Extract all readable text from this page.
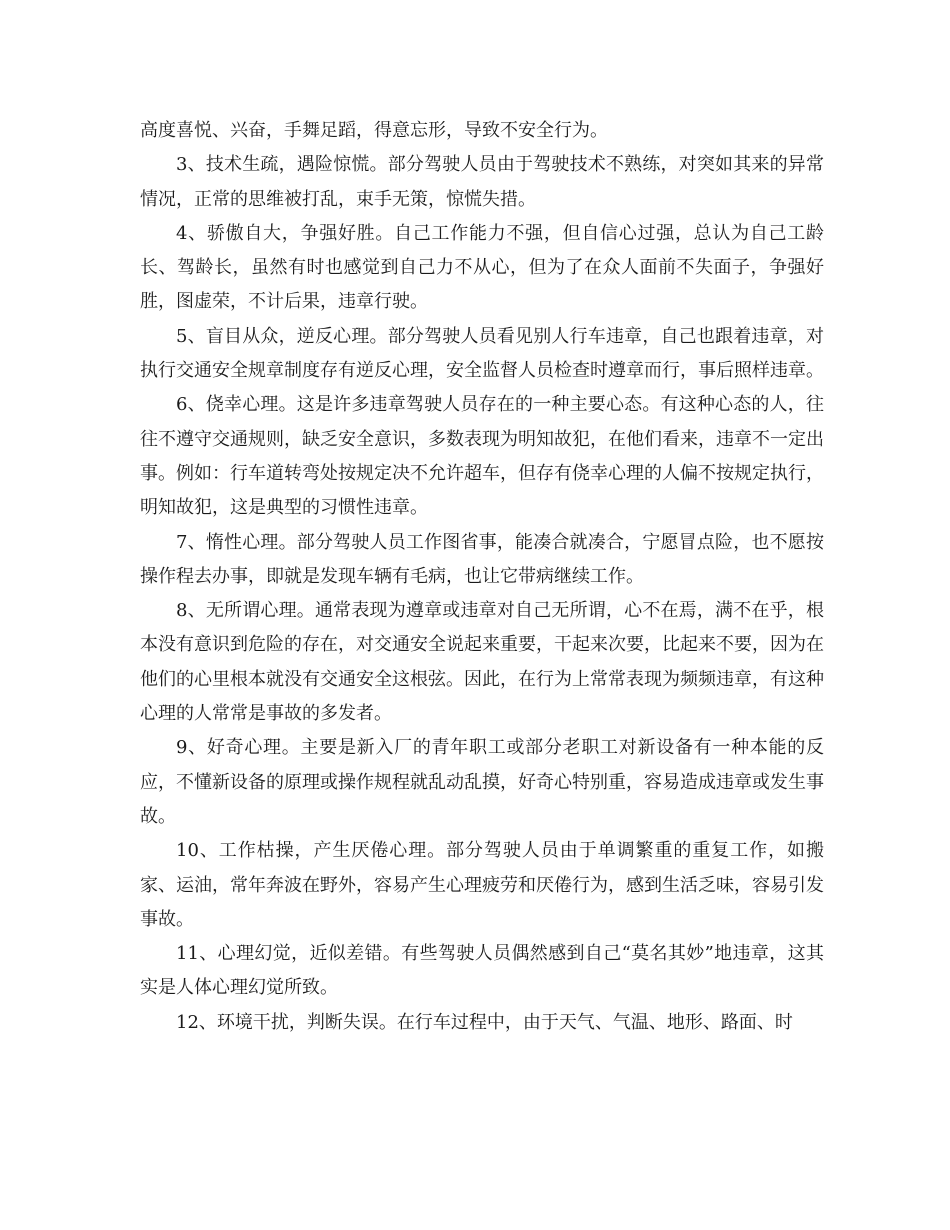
高度喜悦、兴奋，手舞足蹈，得意忘形，导致不安全行为。

3、技术生疏，遇险惊慌。部分驾驶人员由于驾驶技术不熟练，对突如其来的异常情况，正常的思维被打乱，束手无策，惊慌失措。

4、骄傲自大，争强好胜。自己工作能力不强，但自信心过强，总认为自己工龄长、驾龄长，虽然有时也感觉到自己力不从心，但为了在众人面前不失面子，争强好胜，图虚荣，不计后果，违章行驶。

5、盲目从众，逆反心理。部分驾驶人员看见别人行车违章，自己也跟着违章，对执行交通安全规章制度存有逆反心理，安全监督人员检查时遵章而行，事后照样违章。

6、侥幸心理。这是许多违章驾驶人员存在的一种主要心态。有这种心态的人，往往不遵守交通规则，缺乏安全意识，多数表现为明知故犯，在他们看来，违章不一定出事。例如：行车道转弯处按规定决不允许超车，但存有侥幸心理的人偏不按规定执行，明知故犯，这是典型的习惯性违章。

7、惰性心理。部分驾驶人员工作图省事，能凑合就凑合，宁愿冒点险，也不愿按操作程去办事，即就是发现车辆有毛病，也让它带病继续工作。

8、无所谓心理。通常表现为遵章或违章对自己无所谓，心不在焉，满不在乎，根本没有意识到危险的存在，对交通安全说起来重要，干起来次要，比起来不要，因为在他们的心里根本就没有交通安全这根弦。因此，在行为上常常表现为频频违章，有这种心理的人常常是事故的多发者。

9、好奇心理。主要是新入厂的青年职工或部分老职工对新设备有一种本能的反应，不懂新设备的原理或操作规程就乱动乱摸，好奇心特别重，容易造成违章或发生事故。

10、工作枯操，产生厌倦心理。部分驾驶人员由于单调繁重的重复工作，如搬家、运油，常年奔波在野外，容易产生心理疲劳和厌倦行为，感到生活乏味，容易引发事故。

11、心理幻觉，近似差错。有些驾驶人员偶然感到自己“莫名其妙”地违章，这其实是人体心理幻觉所致。

12、环境干扰，判断失误。在行车过程中，由于天气、气温、地形、路面、时
